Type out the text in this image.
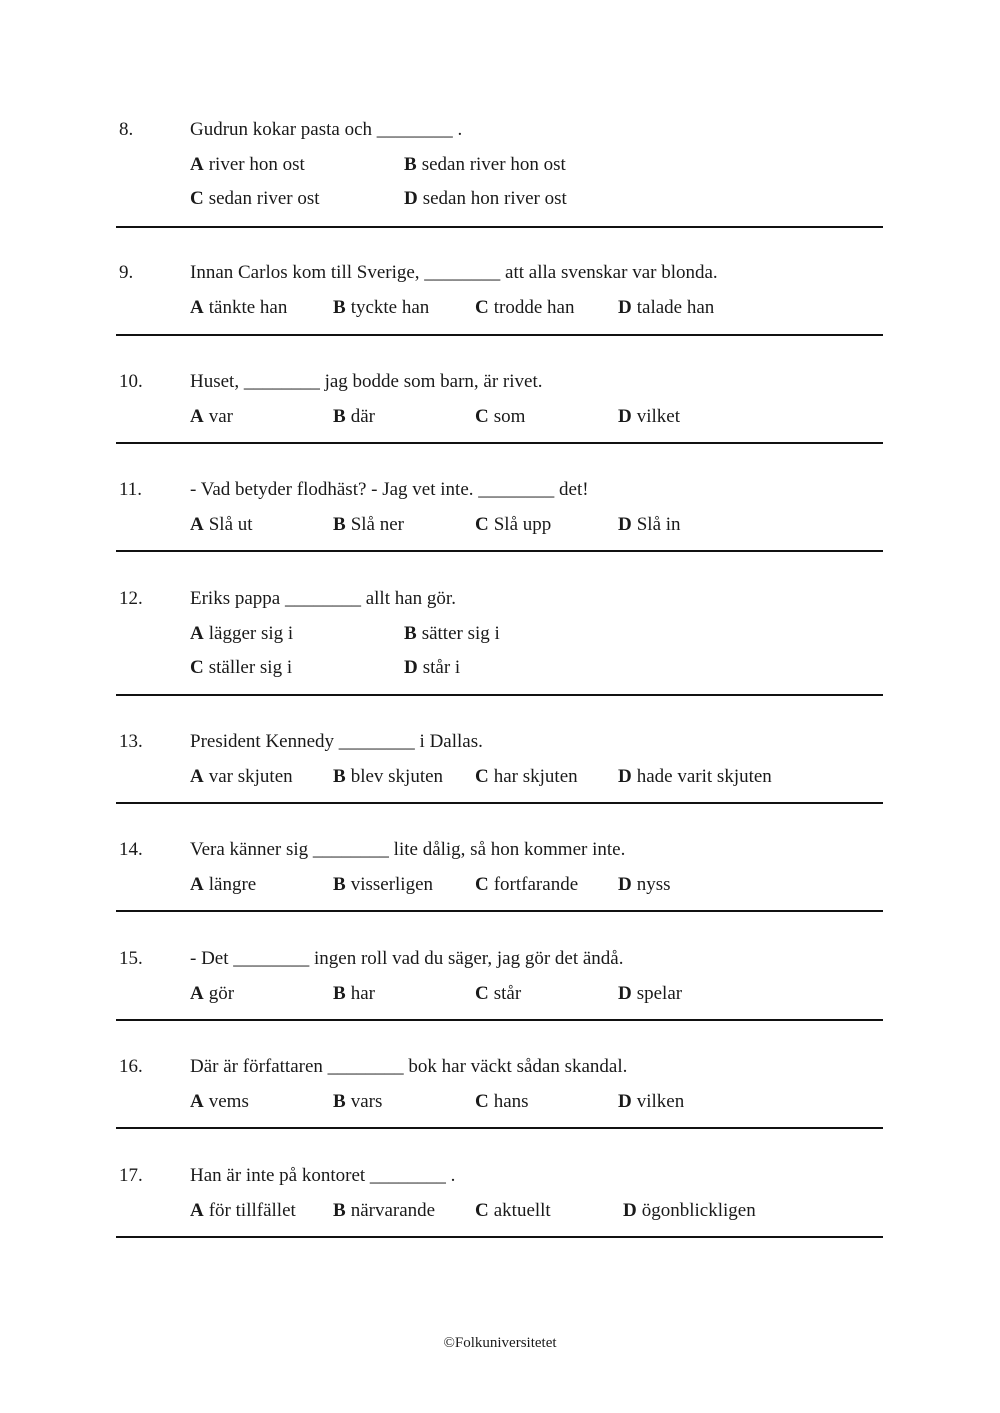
8.	Gudrun kokar pasta och ________ .
A river hon ost	B sedan river hon ost
C sedan river ost	D sedan hon river ost
9.	Innan Carlos kom till Sverige, ________ att alla svenskar var blonda.
A tänkte han B tyckte han C trodde han D talade han
10. Huset, ________ jag bodde som barn, är rivet.
A var	B där	C som	D vilket
11.	- Vad betyder flodhäst? - Jag vet inte. ________ det!
A Slå ut	B Slå ner	C Slå upp	D Slå in
12. Eriks pappa ________ allt han gör.
A lägger sig i	B sätter sig i
C ställer sig i	D står i
13. President Kennedy ________ i Dallas.
A var skjuten B blev skjuten C har skjuten D hade varit skjuten
14. Vera känner sig ________ lite dålig, så hon kommer inte.
A längre	B visserligen C fortfarande D nyss
15. - Det ________ ingen roll vad du säger, jag gör det ändå.
A gör	B har	C står	D spelar
16. Där är författaren ________ bok har väckt sådan skandal.
A vems	B vars	C hans	D vilken
17. Han är inte på kontoret ________ .
A för tillfället B närvarande C aktuellt	D ögonblickligen
©Folkuniversitetet
